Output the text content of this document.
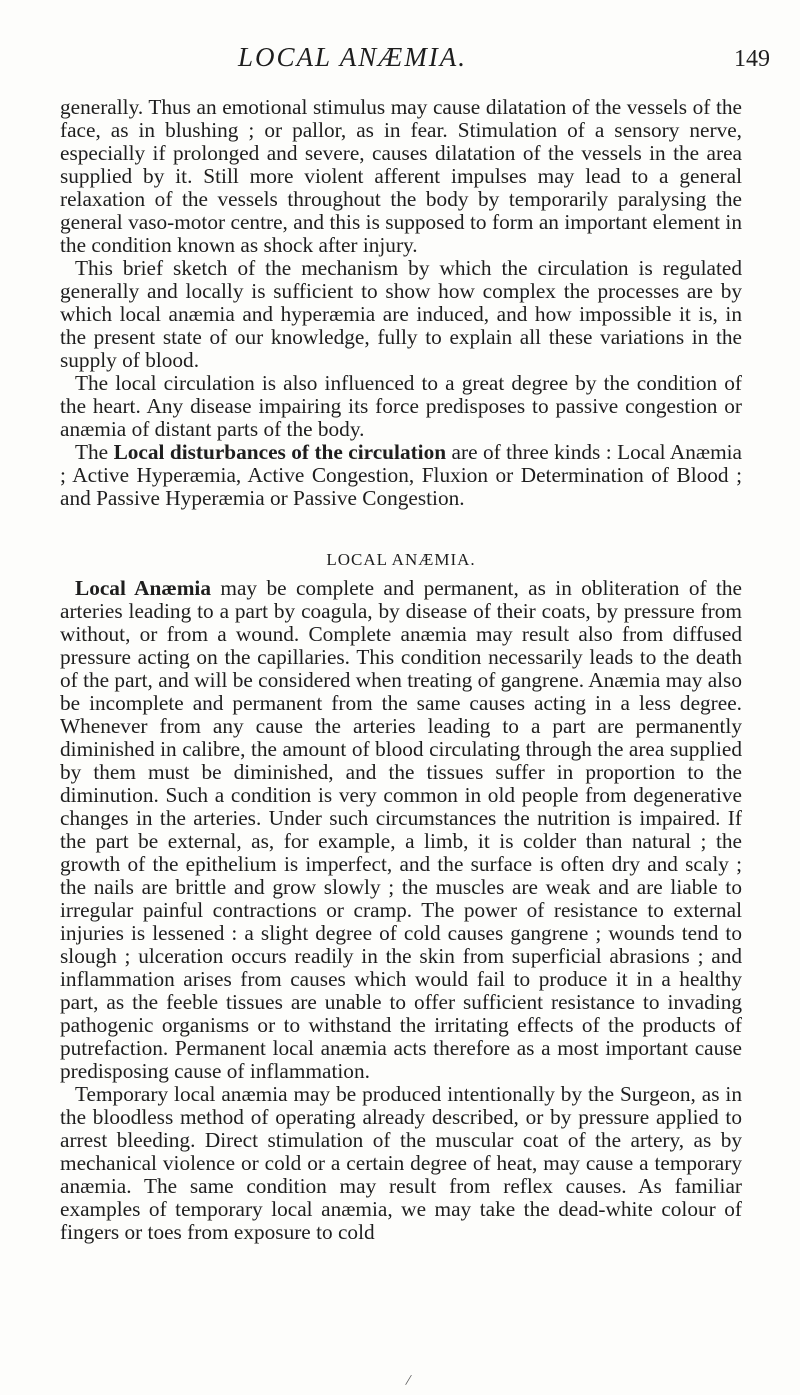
LOCAL ANÆMIA.	149

generally. Thus an emotional stimulus may cause dilatation of the vessels of the face, as in blushing ; or pallor, as in fear. Stimulation of a sensory nerve, especially if prolonged and severe, causes dilatation of the vessels in the area supplied by it. Still more violent afferent impulses may lead to a general relaxation of the vessels throughout the body by temporarily paralysing the general vaso-motor centre, and this is supposed to form an important element in the condition known as shock after injury.

This brief sketch of the mechanism by which the circulation is regulated generally and locally is sufficient to show how complex the processes are by which local anæmia and hyperæmia are induced, and how impossible it is, in the present state of our knowledge, fully to explain all these variations in the supply of blood.

The local circulation is also influenced to a great degree by the condition of the heart. Any disease impairing its force predisposes to passive congestion or anæmia of distant parts of the body.

The Local disturbances of the circulation are of three kinds : Local Anæmia ; Active Hyperæmia, Active Congestion, Fluxion or Determination of Blood ; and Passive Hyperæmia or Passive Congestion.

LOCAL ANÆMIA.

Local Anæmia may be complete and permanent, as in obliteration of the arteries leading to a part by coagula, by disease of their coats, by pressure from without, or from a wound. Complete anæmia may result also from diffused pressure acting on the capillaries. This condition necessarily leads to the death of the part, and will be considered when treating of gangrene. Anæmia may also be incomplete and permanent from the same causes acting in a less degree. Whenever from any cause the arteries leading to a part are permanently diminished in calibre, the amount of blood circulating through the area supplied by them must be diminished, and the tissues suffer in proportion to the diminution. Such a condition is very common in old people from degenerative changes in the arteries. Under such circumstances the nutrition is impaired. If the part be external, as, for example, a limb, it is colder than natural ; the growth of the epithelium is imperfect, and the surface is often dry and scaly ; the nails are brittle and grow slowly ; the muscles are weak and are liable to irregular painful contractions or cramp. The power of resistance to external injuries is lessened : a slight degree of cold causes gangrene ; wounds tend to slough ; ulceration occurs readily in the skin from superficial abrasions ; and inflammation arises from causes which would fail to produce it in a healthy part, as the feeble tissues are unable to offer sufficient resistance to invading pathogenic organisms or to withstand the irritating effects of the products of putrefaction. Permanent local anæmia acts therefore as a most important cause predisposing cause of inflammation.

Temporary local anæmia may be produced intentionally by the Surgeon, as in the bloodless method of operating already described, or by pressure applied to arrest bleeding. Direct stimulation of the muscular coat of the artery, as by mechanical violence or cold or a certain degree of heat, may cause a temporary anæmia. The same condition may result from reflex causes. As familiar examples of temporary local anæmia, we may take the dead-white colour of fingers or toes from exposure to cold

/
